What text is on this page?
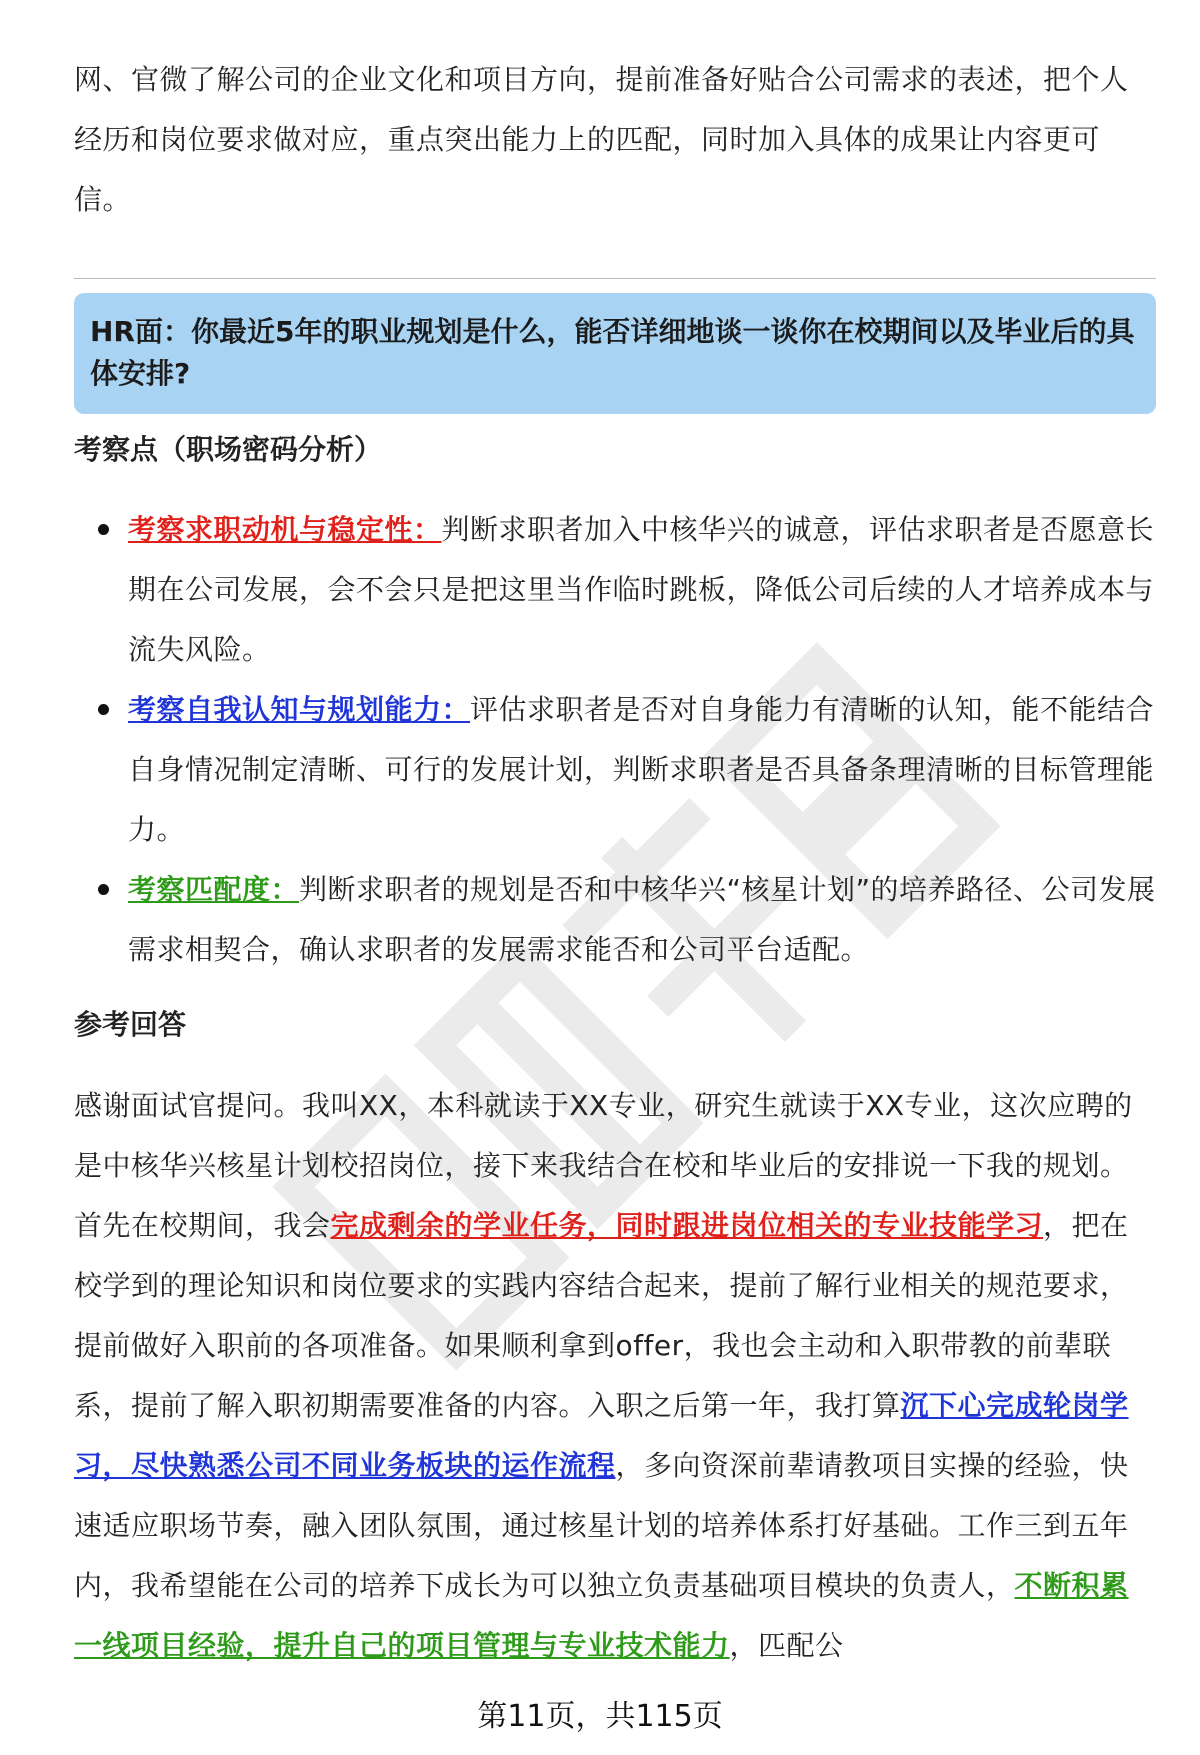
网、官微了解公司的企业文化和项目方向，提前准备好贴合公司需求的表述，把个人经历和岗位要求做对应，重点突出能力上的匹配，同时加入具体的成果让内容更可信。

HR面：你最近5年的职业规划是什么，能否详细地谈一谈你在校期间以及毕业后的具体安排?
考察点（职场密码分析）
考察求职动机与稳定性：判断求职者加入中核华兴的诚意，评估求职者是否愿意长期在公司发展，会不会只是把这里当作临时跳板，降低公司后续的人才培养成本与流失风险。
考察自我认知与规划能力：评估求职者是否对自身能力有清晰的认知，能不能结合自身情况制定清晰、可行的发展计划，判断求职者是否具备条理清晰的目标管理能力。
考察匹配度：判断求职者的规划是否和中核华兴“核星计划”的培养路径、公司发展需求相契合，确认求职者的发展需求能否和公司平台适配。
参考回答

感谢面试官提问。我叫XX，本科就读于XX专业，研究生就读于XX专业，这次应聘的是中核华兴核星计划校招岗位，接下来我结合在校和毕业后的安排说一下我的规划。首先在校期间，我会完成剩余的学业任务，同时跟进岗位相关的专业技能学习，把在校学到的理论知识和岗位要求的实践内容结合起来，提前了解行业相关的规范要求，提前做好入职前的各项准备。如果顺利拿到offer，我也会主动和入职带教的前辈联系，提前了解入职初期需要准备的内容。入职之后第一年，我打算沉下心完成轮岗学习，尽快熟悉公司不同业务板块的运作流程，多向资深前辈请教项目实操的经验，快速适应职场节奏，融入团队氛围，通过核星计划的培养体系打好基础。工作三到五年内，我希望能在公司的培养下成长为可以独立负责基础项目模块的负责人，不断积累一线项目经验，提升自己的项目管理与专业技术能力，匹配公

第11页，共115页
